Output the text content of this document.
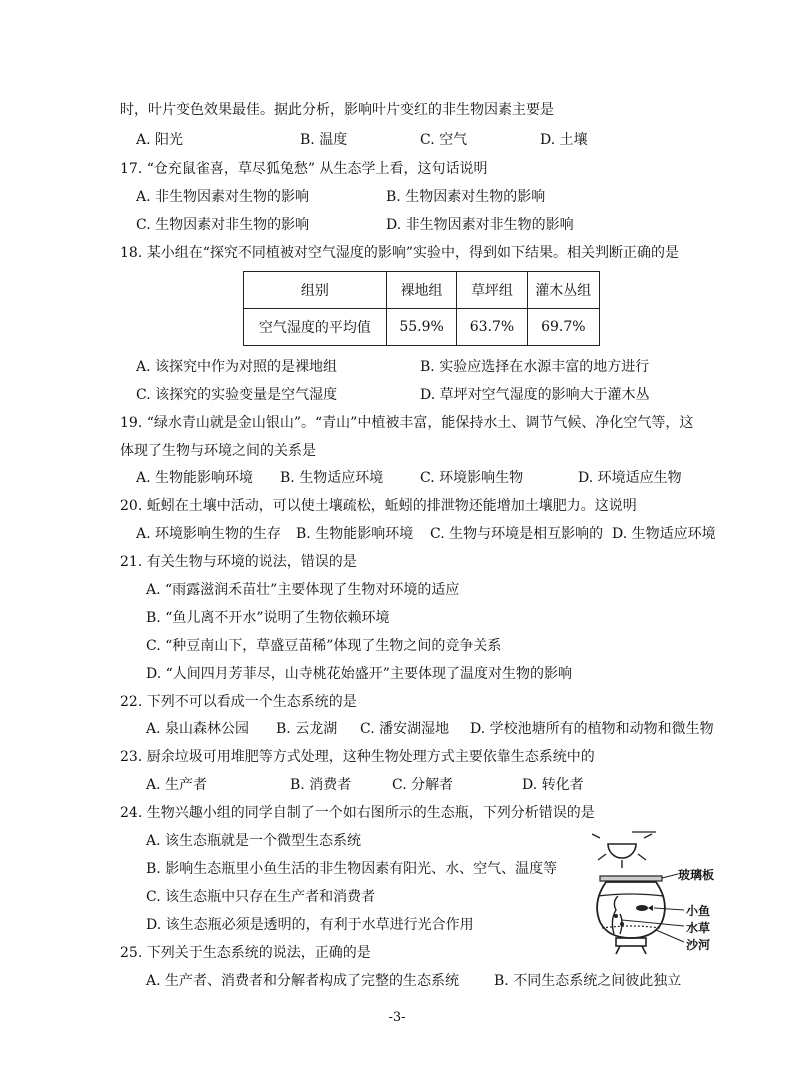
时，叶片变色效果最佳。据此分析，影响叶片变红的非生物因素主要是
A. 阳光	B. 温度	C. 空气	D. 土壤
17. “仓充鼠雀喜，草尽狐兔愁” 从生态学上看，这句话说明
A. 非生物因素对生物的影响	B. 生物因素对生物的影响
C. 生物因素对非生物的影响	D. 非生物因素对非生物的影响
18. 某小组在“探究不同植被对空气湿度的影响”实验中，得到如下结果。相关判断正确的是
组别	裸地组	草坪组	灌木丛组
空气湿度的平均值	55.9%	63.7%	69.7%
A. 该探究中作为对照的是裸地组	B. 实验应选择在水源丰富的地方进行
C. 该探究的实验变量是空气湿度	D. 草坪对空气湿度的影响大于灌木丛
19. “绿水青山就是金山银山”。“青山”中植被丰富，能保持水土、调节气候、净化空气等，这
体现了生物与环境之间的关系是
A. 生物能影响环境 B. 生物适应环境	C. 环境影响生物	D. 环境适应生物
20. 蚯蚓在土壤中活动，可以使土壤疏松，蚯蚓的排泄物还能增加土壤肥力。这说明
A. 环境影响生物的生存 B. 生物能影响环境 C. 生物与环境是相互影响的 D. 生物适应环境
21. 有关生物与环境的说法，错误的是
A. “雨露滋润禾苗壮”主要体现了生物对环境的适应
B. “鱼儿离不开水”说明了生物依赖环境
C. “种豆南山下，草盛豆苗稀”体现了生物之间的竞争关系
D. “人间四月芳菲尽，山寺桃花始盛开”主要体现了温度对生物的影响
22. 下列不可以看成一个生态系统的是
A. 泉山森林公园 B. 云龙湖 C. 潘安湖湿地 D. 学校池塘所有的植物和动物和微生物
23. 厨余垃圾可用堆肥等方式处理，这种生物处理方式主要依靠生态系统中的
A. 生产者	B. 消费者	C. 分解者	D. 转化者
24. 生物兴趣小组的同学自制了一个如右图所示的生态瓶，下列分析错误的是
A. 该生态瓶就是一个微型生态系统
B. 影响生态瓶里小鱼生活的非生物因素有阳光、水、空气、温度等
C. 该生态瓶中只存在生产者和消费者
D. 该生态瓶必须是透明的，有利于水草进行光合作用
玻璃板
小鱼
水草
沙河
25. 下列关于生态系统的说法，正确的是
A. 生产者、消费者和分解者构成了完整的生态系统 B. 不同生态系统之间彼此独立
-3-
